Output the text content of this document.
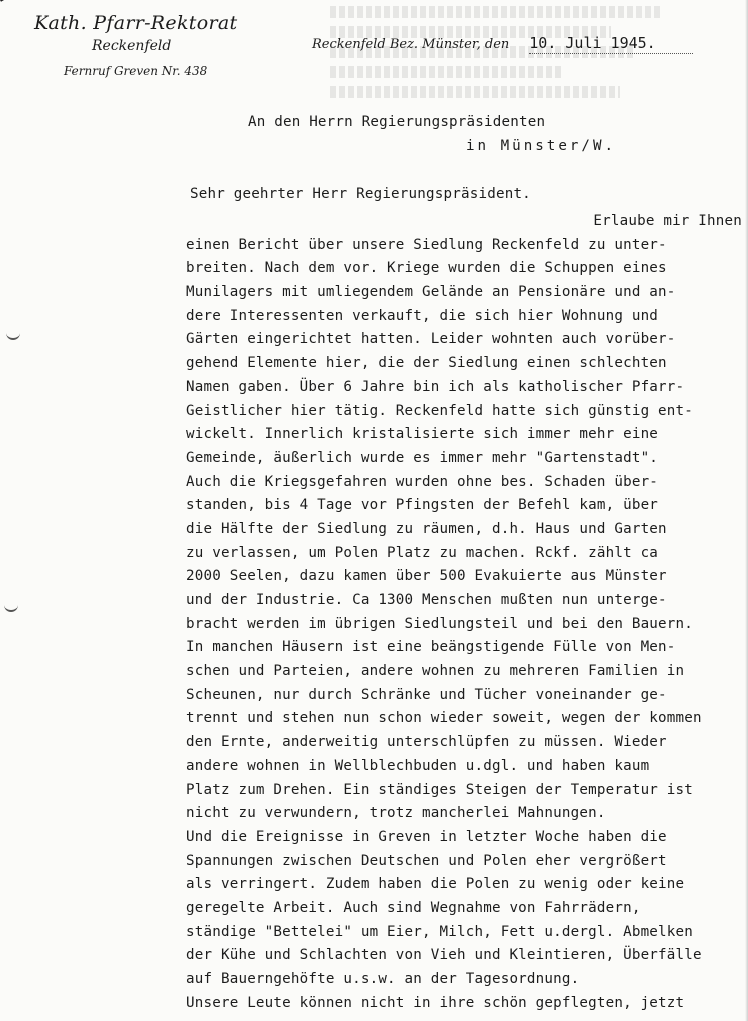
Kath. Pfarr-Rektorat
Reckenfeld
Fernruf Greven Nr. 438
Reckenfeld Bez. Münster, den 10. Juli 1945.
An den Herrn Regierungspräsidenten
in Münster/W.
Sehr geehrter Herr Regierungspräsident.
Erlaube mir Ihnen
einen Bericht über unsere Siedlung Reckenfeld zu unter-
breiten. Nach dem vor. Kriege wurden die Schuppen eines
Munilagers mit umliegendem Gelände an Pensionäre und an-
dere Interessenten verkauft, die sich hier Wohnung und
Gärten eingerichtet hatten. Leider wohnten auch vorüber-
gehend Elemente hier, die der Siedlung einen schlechten
Namen gaben. Über 6 Jahre bin ich als katholischer Pfarr-
Geistlicher hier tätig. Reckenfeld hatte sich günstig ent-
wickelt. Innerlich kristalisierte sich immer mehr eine
Gemeinde, äußerlich wurde es immer mehr "Gartenstadt".
Auch die Kriegsgefahren wurden ohne bes. Schaden über-
standen, bis 4 Tage vor Pfingsten der Befehl kam, über
die Hälfte der Siedlung zu räumen, d.h. Haus und Garten
zu verlassen, um Polen Platz zu machen. Rckf. zählt ca
2000 Seelen, dazu kamen über 500 Evakuierte aus Münster
und der Industrie. Ca 1300 Menschen mußten nun unterge-
bracht werden im übrigen Siedlungsteil und bei den Bauern.
In manchen Häusern ist eine beängstigende Fülle von Men-
schen und Parteien, andere wohnen zu mehreren Familien in
Scheunen, nur durch Schränke und Tücher voneinander ge-
trennt und stehen nun schon wieder soweit, wegen der kommen
den Ernte, anderweitig unterschlüpfen zu müssen. Wieder
andere wohnen in Wellblechbuden u.dgl. und haben kaum
Platz zum Drehen. Ein ständiges Steigen der Temperatur ist
nicht zu verwundern, trotz mancherlei Mahnungen.
Und die Ereignisse in Greven in letzter Woche haben die
Spannungen zwischen Deutschen und Polen eher vergrößert
als verringert. Zudem haben die Polen zu wenig oder keine
geregelte Arbeit. Auch sind Wegnahme von Fahrrädern,
ständige "Bettelei" um Eier, Milch, Fett u.dergl. Abmelken
der Kühe und Schlachten von Vieh und Kleintieren, Überfälle
auf Bauerngehöfte u.s.w. an der Tagesordnung.
Unsere Leute können nicht in ihre schön gepflegten, jetzt
